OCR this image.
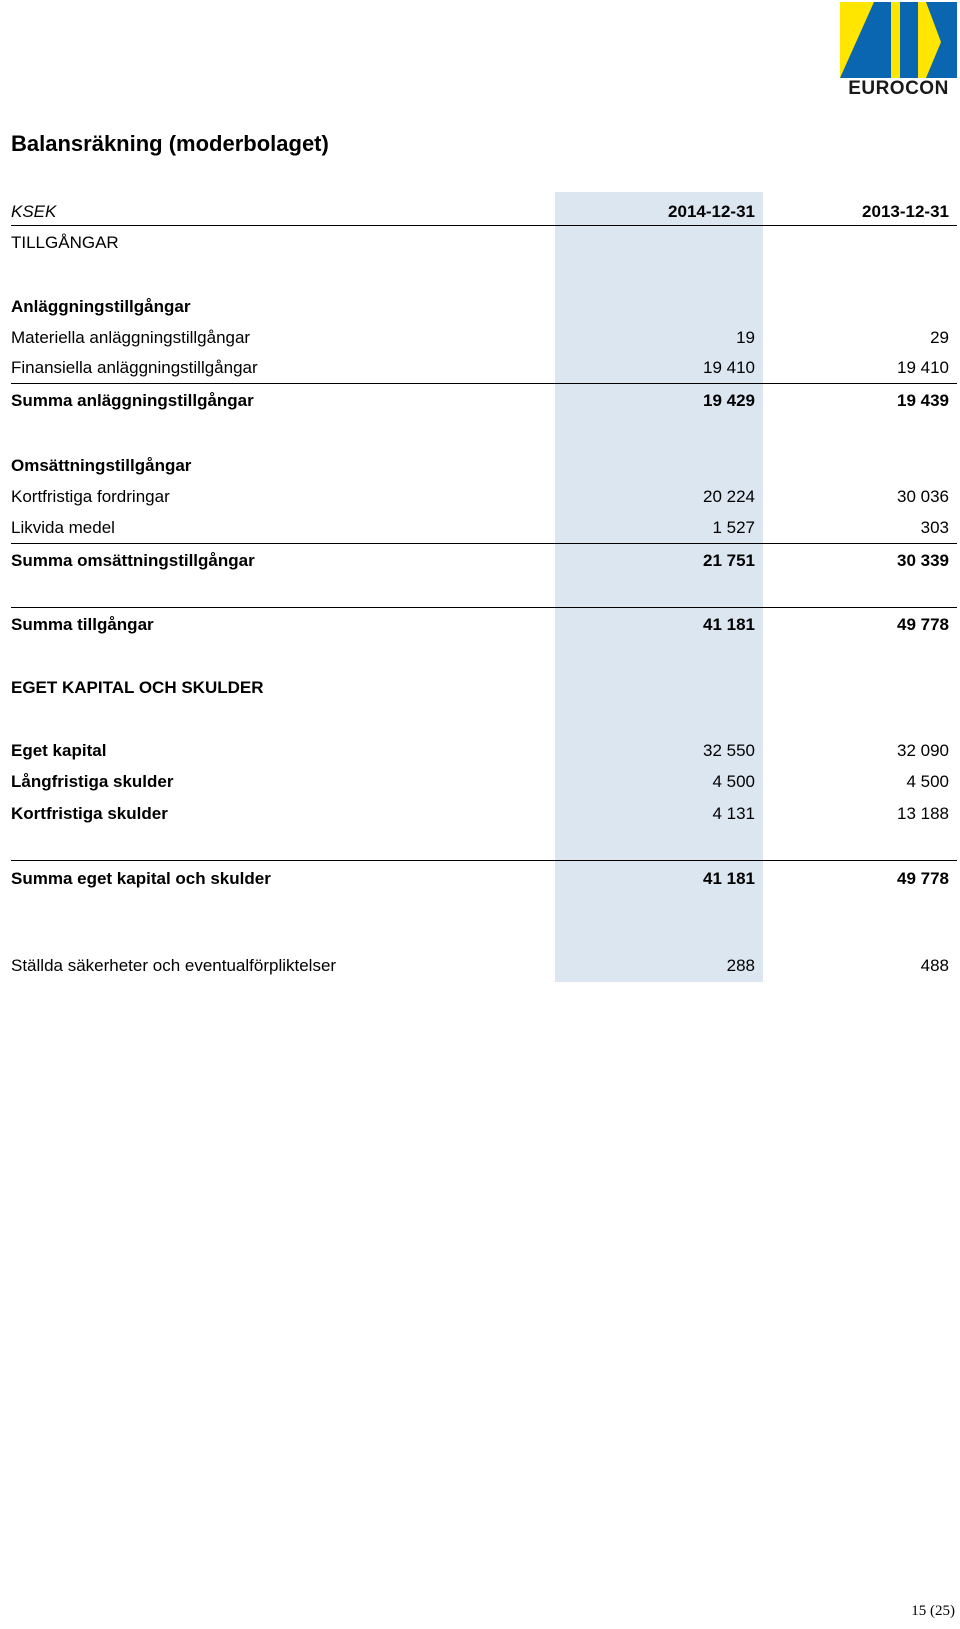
EUROCON
Balansräkning (moderbolaget)
KSEK	2014-12-31	2013-12-31
TILLGÅNGAR
Anläggningstillgångar
Materiella anläggningstillgångar	19	29
Finansiella anläggningstillgångar	19 410	19 410
Summa anläggningstillgångar	19 429	19 439
Omsättningstillgångar
Kortfristiga fordringar	20 224	30 036
Likvida medel	1 527	303
Summa omsättningstillgångar	21 751	30 339
Summa tillgångar	41 181	49 778
EGET KAPITAL OCH SKULDER
Eget kapital	32 550	32 090
Långfristiga skulder	4 500	4 500
Kortfristiga skulder	4 131	13 188
Summa eget kapital och skulder	41 181	49 778
Ställda säkerheter och eventualförpliktelser	288	488
15 (25)
